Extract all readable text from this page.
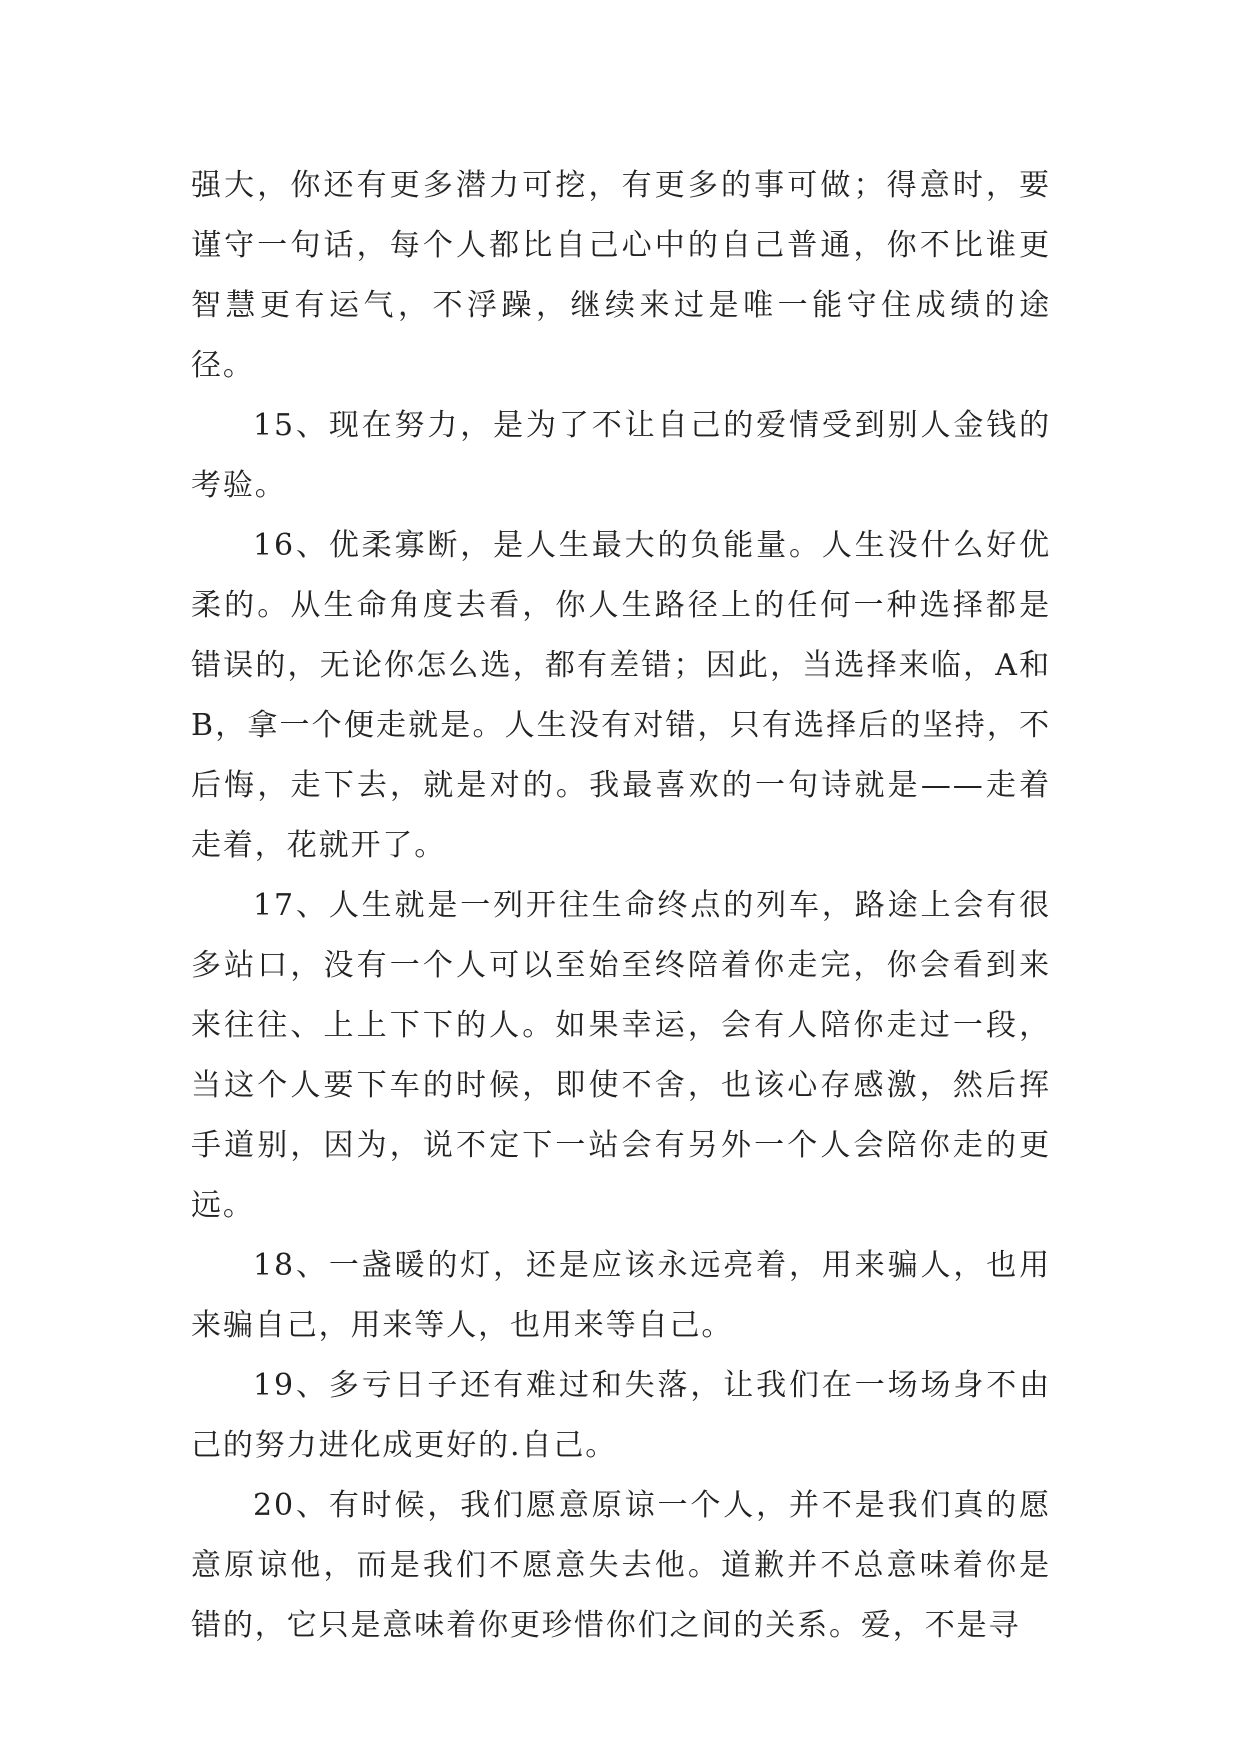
强大，你还有更多潜力可挖，有更多的事可做；得意时，要谨守一句话，每个人都比自己心中的自己普通，你不比谁更智慧更有运气，不浮躁，继续来过是唯一能守住成绩的途径。

15、现在努力，是为了不让自己的爱情受到别人金钱的考验。

16、优柔寡断，是人生最大的负能量。人生没什么好优柔的。从生命角度去看，你人生路径上的任何一种选择都是错误的，无论你怎么选，都有差错；因此，当选择来临，A和B，拿一个便走就是。人生没有对错，只有选择后的坚持，不后悔，走下去，就是对的。我最喜欢的一句诗就是——走着走着，花就开了。

17、人生就是一列开往生命终点的列车，路途上会有很多站口，没有一个人可以至始至终陪着你走完，你会看到来来往往、上上下下的人。如果幸运，会有人陪你走过一段，当这个人要下车的时候，即使不舍，也该心存感激，然后挥手道别，因为，说不定下一站会有另外一个人会陪你走的更远。

18、一盏暖的灯，还是应该永远亮着，用来骗人，也用来骗自己，用来等人，也用来等自己。

19、多亏日子还有难过和失落，让我们在一场场身不由己的努力进化成更好的.自己。

20、有时候，我们愿意原谅一个人，并不是我们真的愿意原谅他，而是我们不愿意失去他。道歉并不总意味着你是错的，它只是意味着你更珍惜你们之间的关系。爱，不是寻
